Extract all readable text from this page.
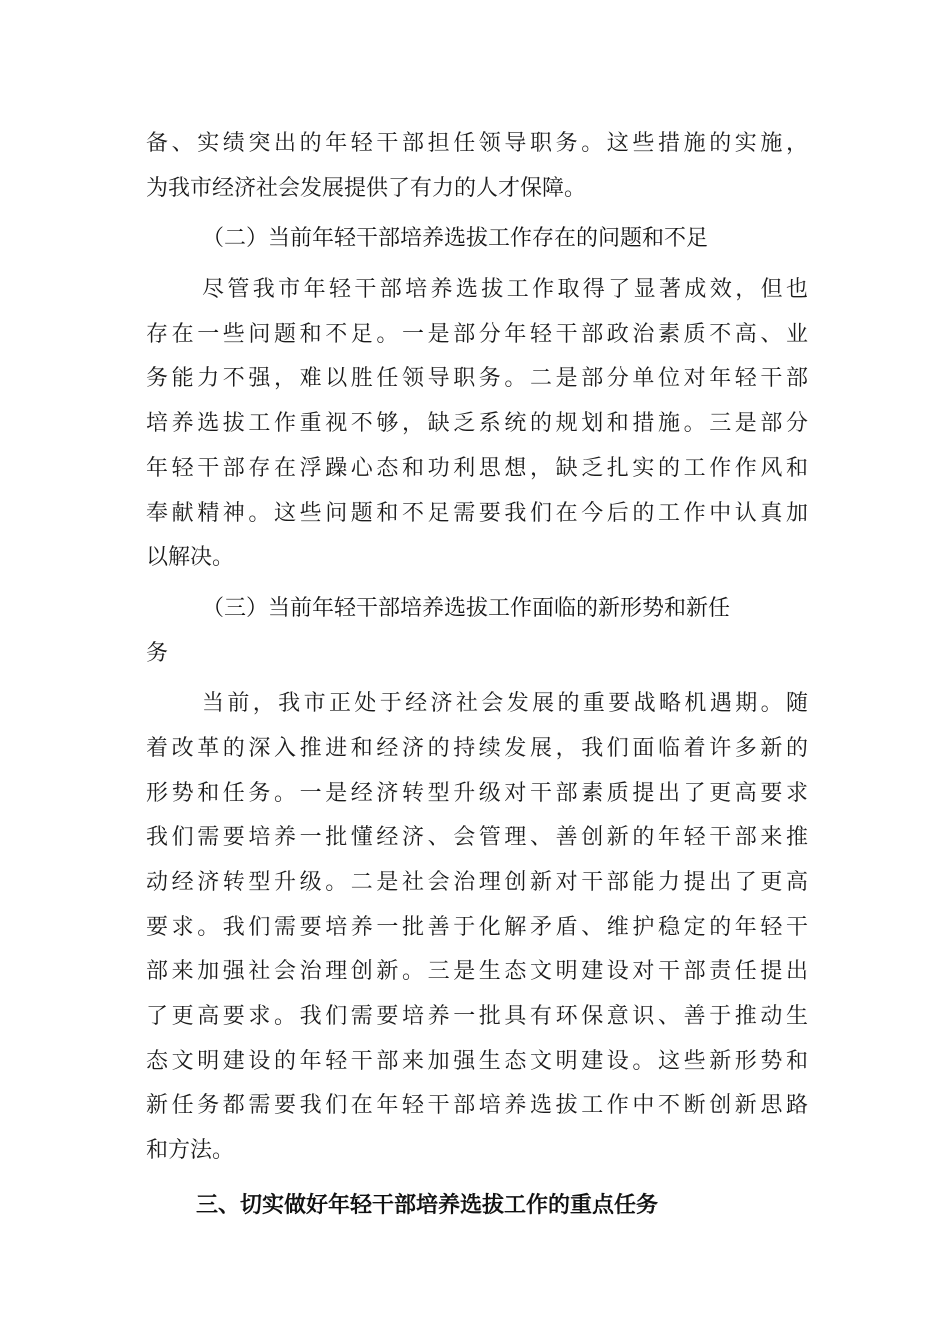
备、实绩突出的年轻干部担任领导职务。这些措施的实施，
为我市经济社会发展提供了有力的人才保障。
（二）当前年轻干部培养选拔工作存在的问题和不足
尽管我市年轻干部培养选拔工作取得了显著成效，但也
存在一些问题和不足。一是部分年轻干部政治素质不高、业
务能力不强，难以胜任领导职务。二是部分单位对年轻干部
培养选拔工作重视不够，缺乏系统的规划和措施。三是部分
年轻干部存在浮躁心态和功利思想，缺乏扎实的工作作风和
奉献精神。这些问题和不足需要我们在今后的工作中认真加
以解决。
（三）当前年轻干部培养选拔工作面临的新形势和新任
务
当前，我市正处于经济社会发展的重要战略机遇期。随
着改革的深入推进和经济的持续发展，我们面临着许多新的
形势和任务。一是经济转型升级对干部素质提出了更高要求
我们需要培养一批懂经济、会管理、善创新的年轻干部来推
动经济转型升级。二是社会治理创新对干部能力提出了更高
要求。我们需要培养一批善于化解矛盾、维护稳定的年轻干
部来加强社会治理创新。三是生态文明建设对干部责任提出
了更高要求。我们需要培养一批具有环保意识、善于推动生
态文明建设的年轻干部来加强生态文明建设。这些新形势和
新任务都需要我们在年轻干部培养选拔工作中不断创新思路
和方法。
三、切实做好年轻干部培养选拔工作的重点任务
